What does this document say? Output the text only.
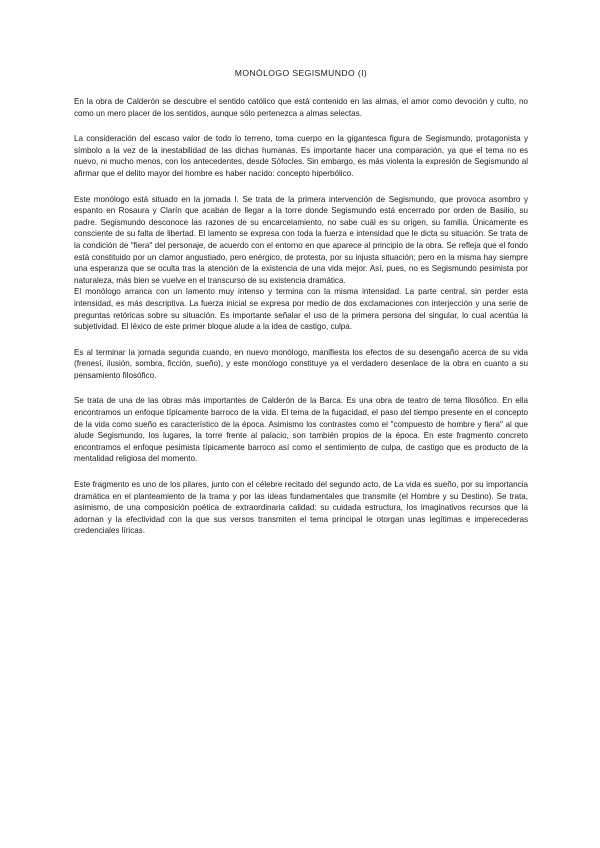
MONÓLOGO SEGISMUNDO (I)

En la obra de Calderón se descubre el sentido católico que está contenido en las almas, el amor como devoción y culto, no como un mero placer de los sentidos, aunque sólo pertenezca a almas selectas.

La consideración del escaso valor de todo lo terreno, toma cuerpo en la gigantesca figura de Segismundo, protagonista y símbolo a la vez de la inestabilidad de las dichas humanas. Es importante hacer una comparación, ya que el tema no es nuevo, ni mucho menos, con los antecedentes, desde Sófocles. Sin embargo, es más violenta la expresión de Segismundo al afirmar que el delito mayor del hombre es haber nacido: concepto hiperbólico.

Este monólogo está situado en la jornada I. Se trata de la primera intervención de Segismundo, que provoca asombro y espanto en Rosaura y Clarín que acaban de llegar a la torre donde Segismundo está encerrado por orden de Basilio, su padre. Segismundo desconoce las razones de su encarcelamiento, no sabe cuál es su origen, su familia. Únicamente es consciente de su falta de libertad. El lamento se expresa con toda la fuerza e intensidad que le dicta su situación. Se trata de la condición de "fiera" del personaje, de acuerdo con el entorno en que aparece al principio de la obra. Se refleja que el fondo está constituido por un clamor angustiado, pero enérgico, de protesta, por su injusta situación; pero en la misma hay siempre una esperanza que se oculta tras la atención de la existencia de una vida mejor. Así, pues, no es Segismundo pesimista por naturaleza, más bien se vuelve en el transcurso de su existencia dramática.

El monólogo arranca con un lamento muy intenso y termina con la misma intensidad. La parte central, sin perder esta intensidad, es más descriptiva. La fuerza inicial se expresa por medio de dos exclamaciones con interjección y una serie de preguntas retóricas sobre su situación. Es importante señalar el uso de la primera persona del singular, lo cual acentúa la subjetividad. El léxico de este primer bloque alude a la idea de castigo, culpa.

Es al terminar la jornada segunda cuando, en nuevo monólogo, manifiesta los efectos de su desengaño acerca de su vida (frenesí, ilusión, sombra, ficción, sueño), y este monólogo constituye ya el verdadero desenlace de la obra en cuanto a su pensamiento filosófico.

Se trata de una de las obras más importantes de Calderón de la Barca. Es una obra de teatro de tema filosófico. En ella encontramos un enfoque típicamente barroco de la vida. El tema de la fugacidad, el paso del tiempo presente en el concepto de la vida como sueño es característico de la época. Asimismo los contrastes como el "compuesto de hombre y fiera" al que alude Segismundo, los lugares, la torre frente al palacio, son también propios de la época. En este fragmento concreto encontramos el enfoque pesimista típicamente barroco así como el sentimiento de culpa, de castigo que es producto de la mentalidad religiosa del momento.

Este fragmento es uno de los pilares, junto con el célebre recitado del segundo acto, de La vida es sueño, por su importancia dramática en el planteamiento de la trama y por las ideas fundamentales que transmite (el Hombre y su Destino). Se trata, asimismo, de una composición poética de extraordinaria calidad: su cuidada estructura, los imaginativos recursos que la adornan y la efectividad con la que sus versos transmiten el tema principal le otorgan unas legítimas e imperecederas credenciales líricas.
